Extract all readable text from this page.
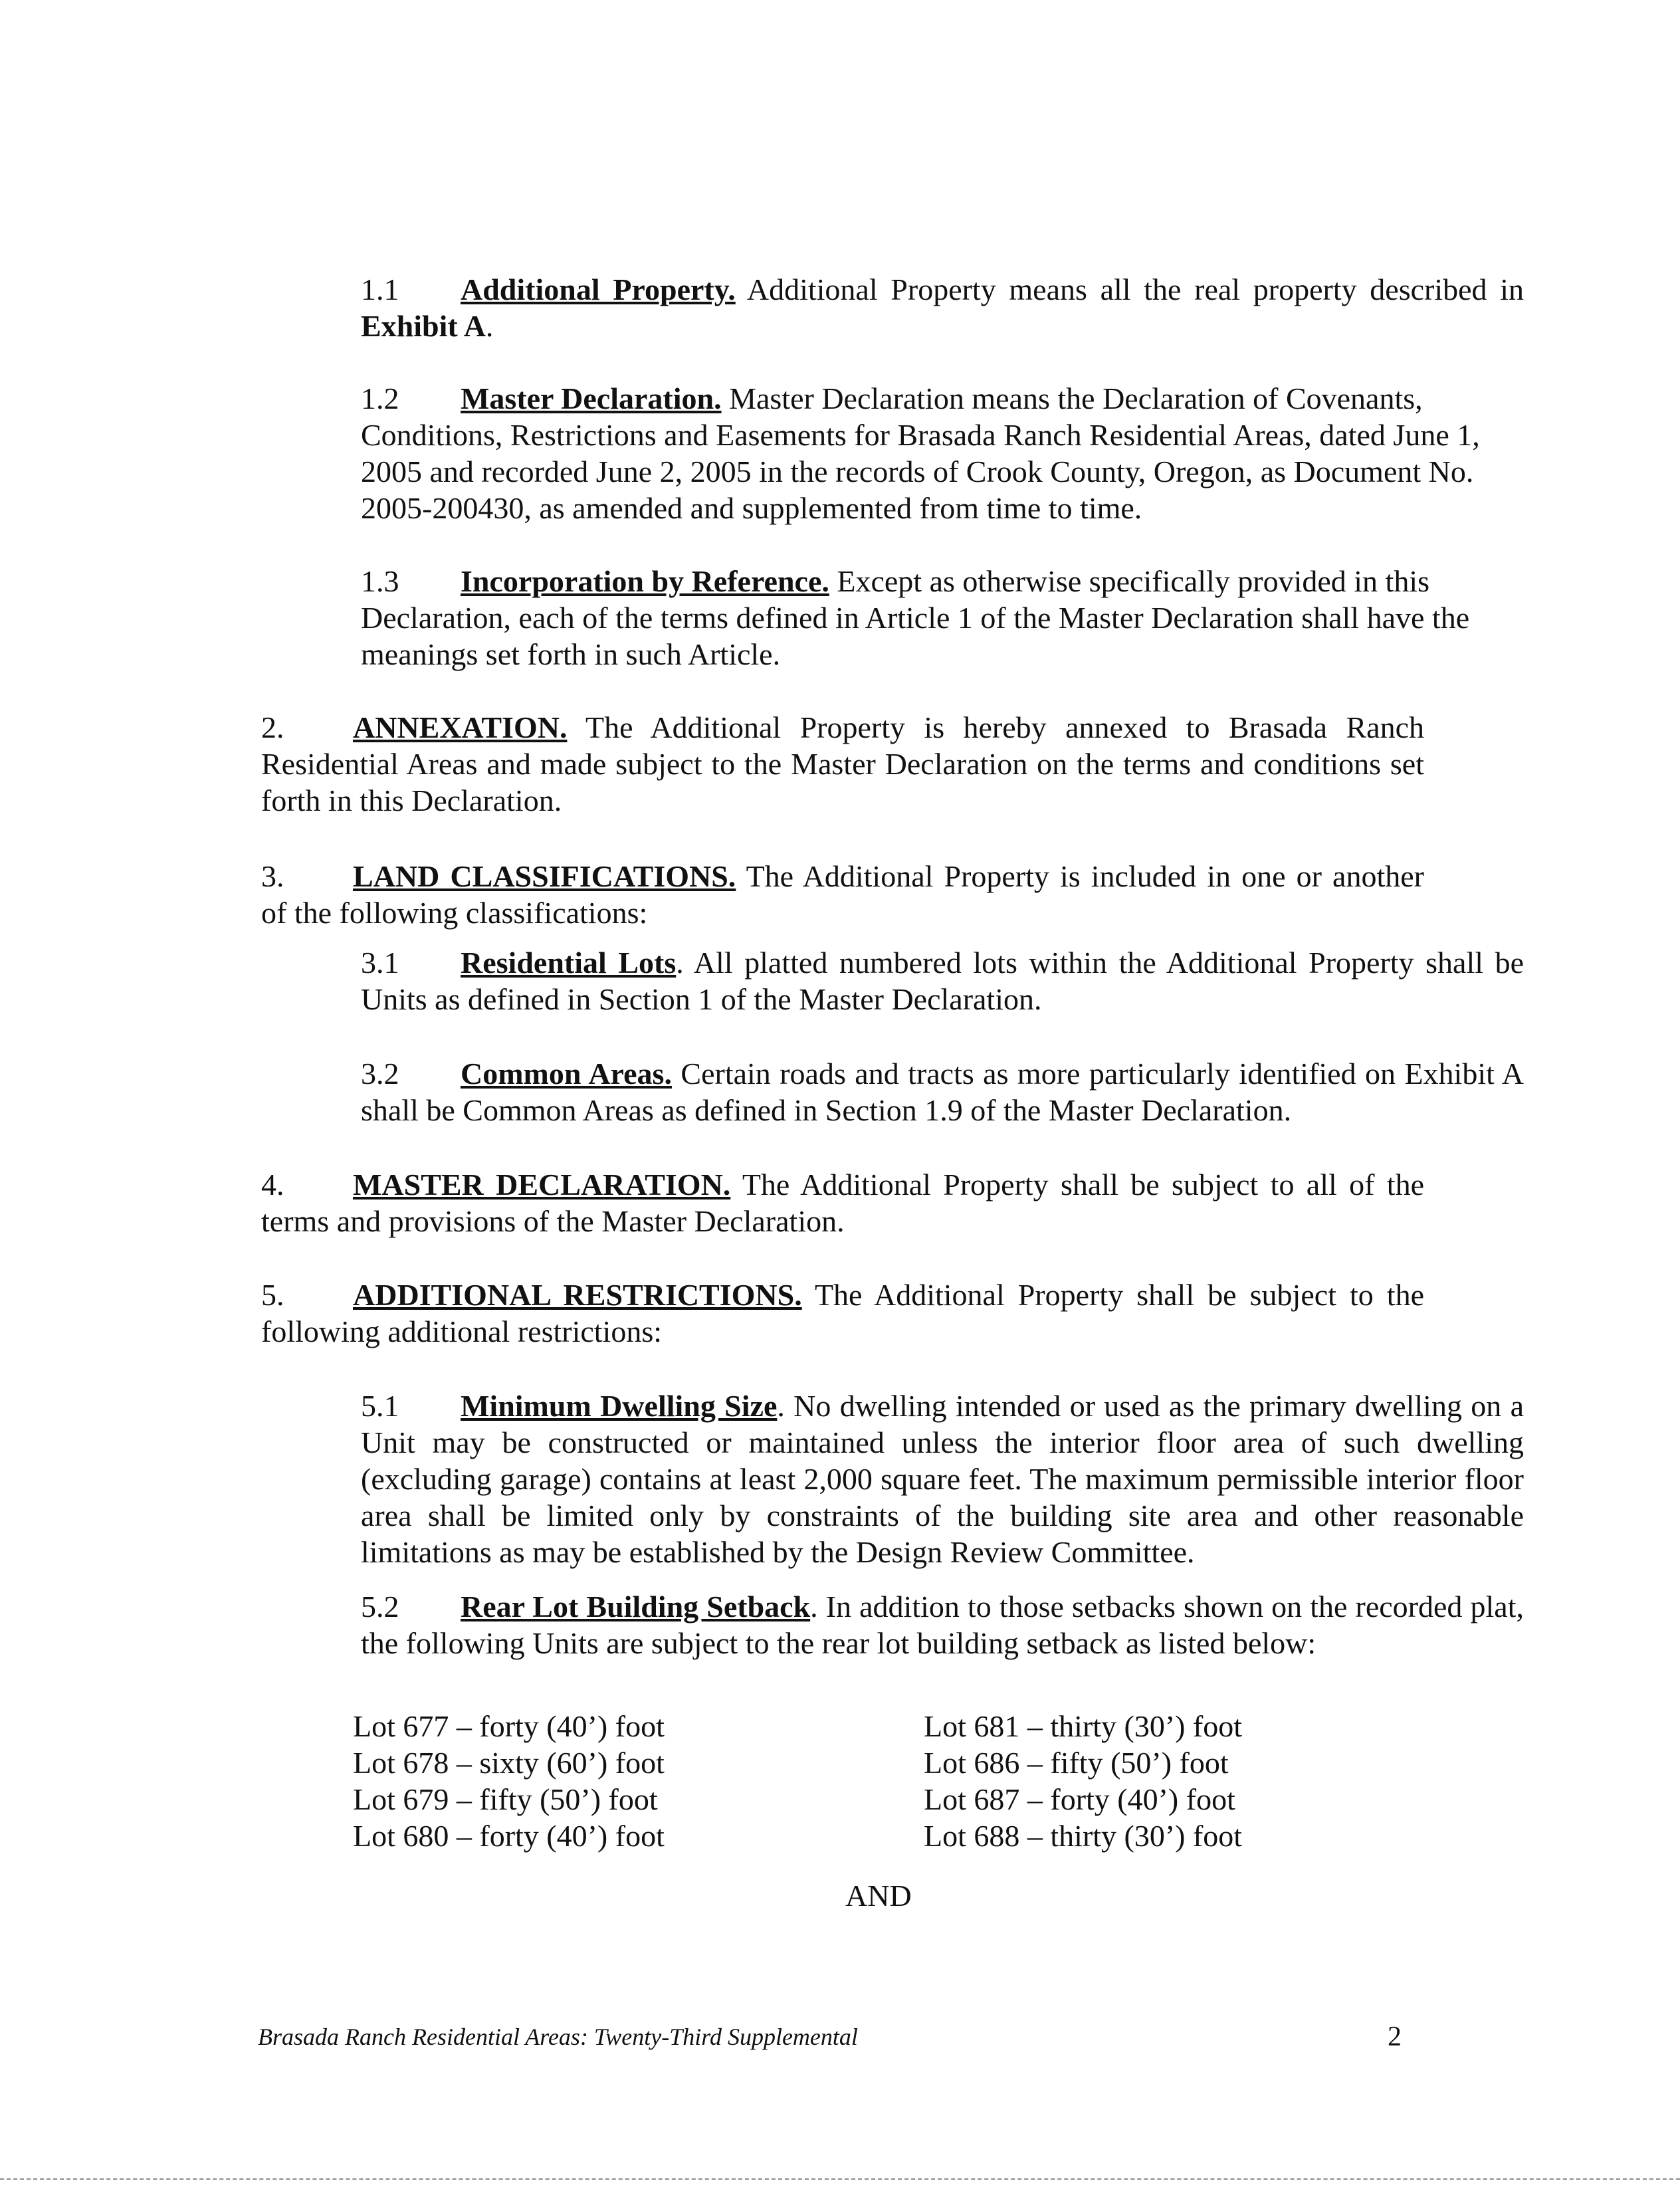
1.1 Additional Property. Additional Property means all the real property described in Exhibit A.

1.2 Master Declaration. Master Declaration means the Declaration of Covenants, Conditions, Restrictions and Easements for Brasada Ranch Residential Areas, dated June 1, 2005 and recorded June 2, 2005 in the records of Crook County, Oregon, as Document No. 2005-200430, as amended and supplemented from time to time.

1.3 Incorporation by Reference. Except as otherwise specifically provided in this Declaration, each of the terms defined in Article 1 of the Master Declaration shall have the meanings set forth in such Article.

2. ANNEXATION. The Additional Property is hereby annexed to Brasada Ranch Residential Areas and made subject to the Master Declaration on the terms and conditions set forth in this Declaration.

3. LAND CLASSIFICATIONS. The Additional Property is included in one or another of the following classifications:

3.1 Residential Lots. All platted numbered lots within the Additional Property shall be Units as defined in Section 1 of the Master Declaration.

3.2 Common Areas. Certain roads and tracts as more particularly identified on Exhibit A shall be Common Areas as defined in Section 1.9 of the Master Declaration.

4. MASTER DECLARATION. The Additional Property shall be subject to all of the terms and provisions of the Master Declaration.

5. ADDITIONAL RESTRICTIONS. The Additional Property shall be subject to the following additional restrictions:

5.1 Minimum Dwelling Size. No dwelling intended or used as the primary dwelling on a Unit may be constructed or maintained unless the interior floor area of such dwelling (excluding garage) contains at least 2,000 square feet. The maximum permissible interior floor area shall be limited only by constraints of the building site area and other reasonable limitations as may be established by the Design Review Committee.

5.2 Rear Lot Building Setback. In addition to those setbacks shown on the recorded plat, the following Units are subject to the rear lot building setback as listed below:

Lot 677 – forty (40’) foot
Lot 678 – sixty (60’) foot
Lot 679 – fifty (50’) foot
Lot 680 – forty (40’) foot
Lot 681 – thirty (30’) foot
Lot 686 – fifty (50’) foot
Lot 687 – forty (40’) foot
Lot 688 – thirty (30’) foot
AND
Brasada Ranch Residential Areas: Twenty-Third Supplemental	2
